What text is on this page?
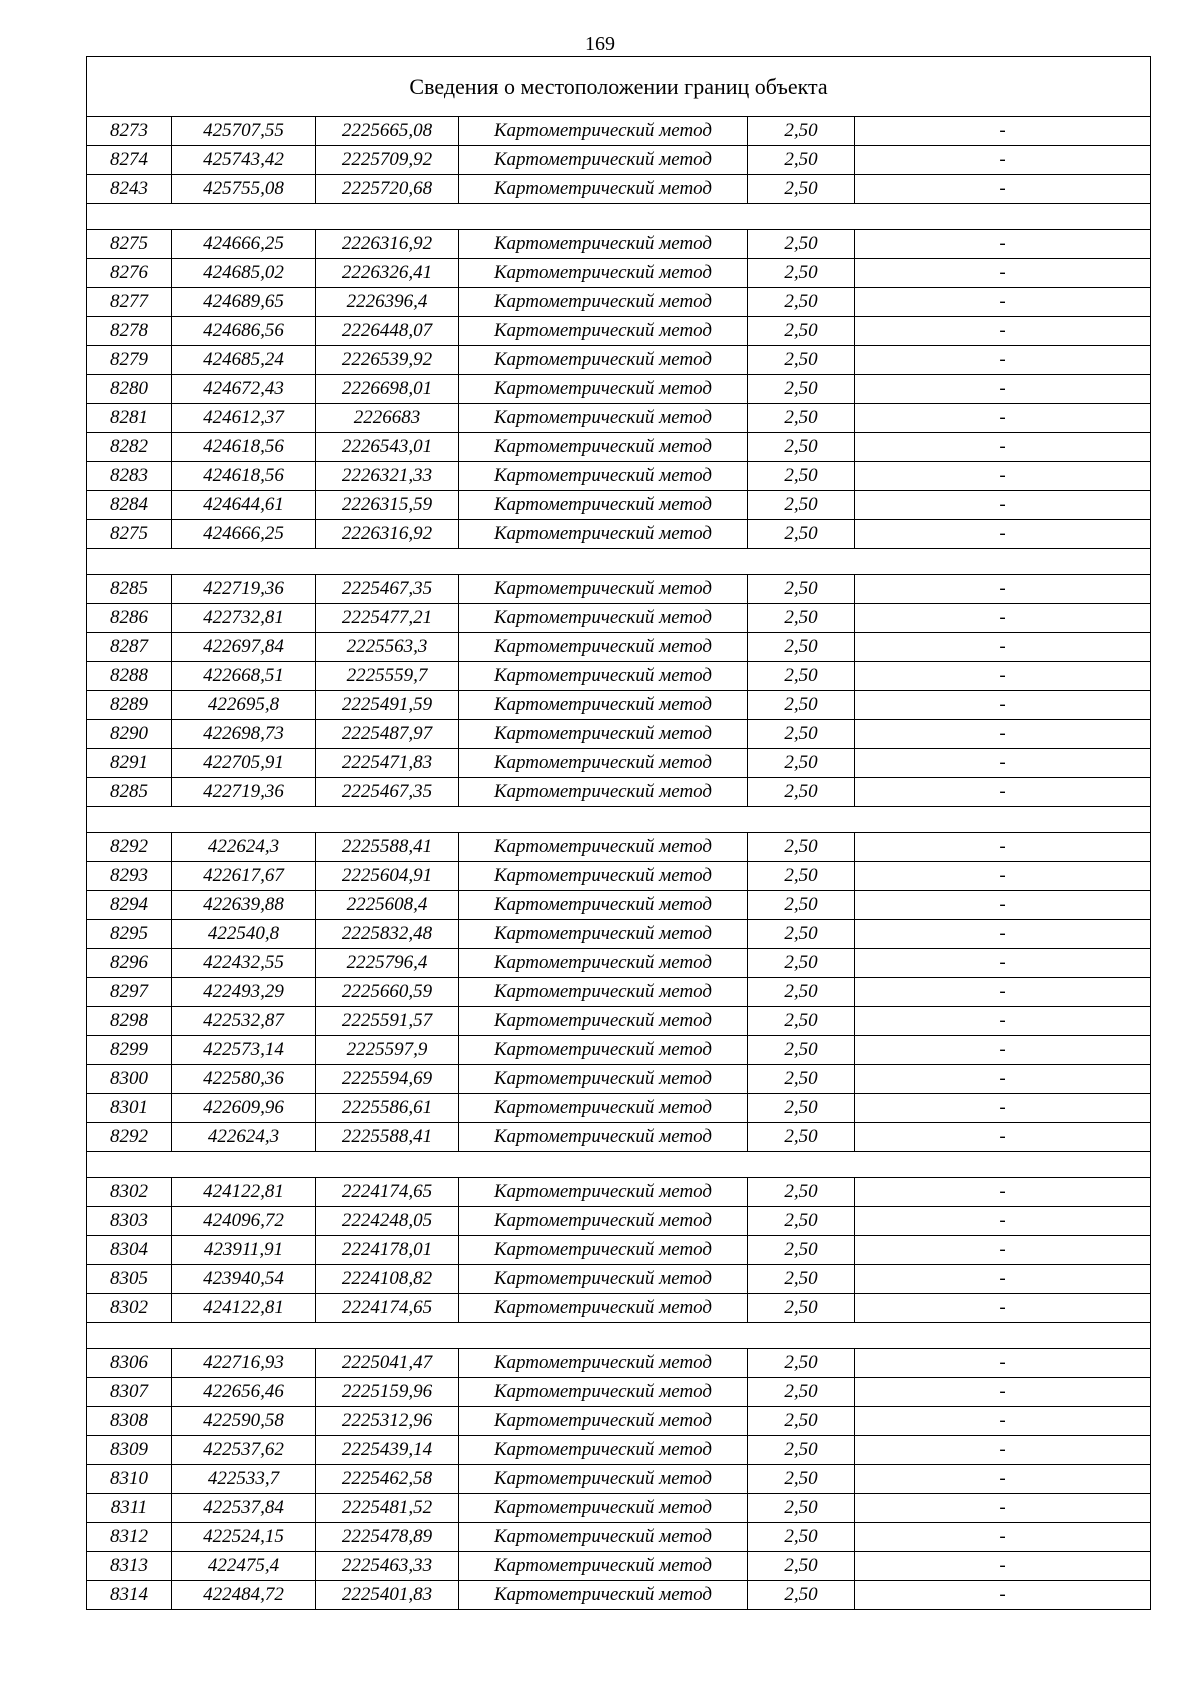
169
Сведения о местоположении границ объекта					
8273	425707,55	2225665,08	Картометрический метод	2,50	-
8274	425743,42	2225709,92	Картометрический метод	2,50	-
8243	425755,08	2225720,68	Картометрический метод	2,50	-

8275	424666,25	2226316,92	Картометрический метод	2,50	-
8276	424685,02	2226326,41	Картометрический метод	2,50	-
8277	424689,65	2226396,4	Картометрический метод	2,50	-
8278	424686,56	2226448,07	Картометрический метод	2,50	-
8279	424685,24	2226539,92	Картометрический метод	2,50	-
8280	424672,43	2226698,01	Картометрический метод	2,50	-
8281	424612,37	2226683	Картометрический метод	2,50	-
8282	424618,56	2226543,01	Картометрический метод	2,50	-
8283	424618,56	2226321,33	Картометрический метод	2,50	-
8284	424644,61	2226315,59	Картометрический метод	2,50	-
8275	424666,25	2226316,92	Картометрический метод	2,50	-

8285	422719,36	2225467,35	Картометрический метод	2,50	-
8286	422732,81	2225477,21	Картометрический метод	2,50	-
8287	422697,84	2225563,3	Картометрический метод	2,50	-
8288	422668,51	2225559,7	Картометрический метод	2,50	-
8289	422695,8	2225491,59	Картометрический метод	2,50	-
8290	422698,73	2225487,97	Картометрический метод	2,50	-
8291	422705,91	2225471,83	Картометрический метод	2,50	-
8285	422719,36	2225467,35	Картометрический метод	2,50	-

8292	422624,3	2225588,41	Картометрический метод	2,50	-
8293	422617,67	2225604,91	Картометрический метод	2,50	-
8294	422639,88	2225608,4	Картометрический метод	2,50	-
8295	422540,8	2225832,48	Картометрический метод	2,50	-
8296	422432,55	2225796,4	Картометрический метод	2,50	-
8297	422493,29	2225660,59	Картометрический метод	2,50	-
8298	422532,87	2225591,57	Картометрический метод	2,50	-
8299	422573,14	2225597,9	Картометрический метод	2,50	-
8300	422580,36	2225594,69	Картометрический метод	2,50	-
8301	422609,96	2225586,61	Картометрический метод	2,50	-
8292	422624,3	2225588,41	Картометрический метод	2,50	-

8302	424122,81	2224174,65	Картометрический метод	2,50	-
8303	424096,72	2224248,05	Картометрический метод	2,50	-
8304	423911,91	2224178,01	Картометрический метод	2,50	-
8305	423940,54	2224108,82	Картометрический метод	2,50	-
8302	424122,81	2224174,65	Картометрический метод	2,50	-

8306	422716,93	2225041,47	Картометрический метод	2,50	-
8307	422656,46	2225159,96	Картометрический метод	2,50	-
8308	422590,58	2225312,96	Картометрический метод	2,50	-
8309	422537,62	2225439,14	Картометрический метод	2,50	-
8310	422533,7	2225462,58	Картометрический метод	2,50	-
8311	422537,84	2225481,52	Картометрический метод	2,50	-
8312	422524,15	2225478,89	Картометрический метод	2,50	-
8313	422475,4	2225463,33	Картометрический метод	2,50	-
8314	422484,72	2225401,83	Картометрический метод	2,50	-
